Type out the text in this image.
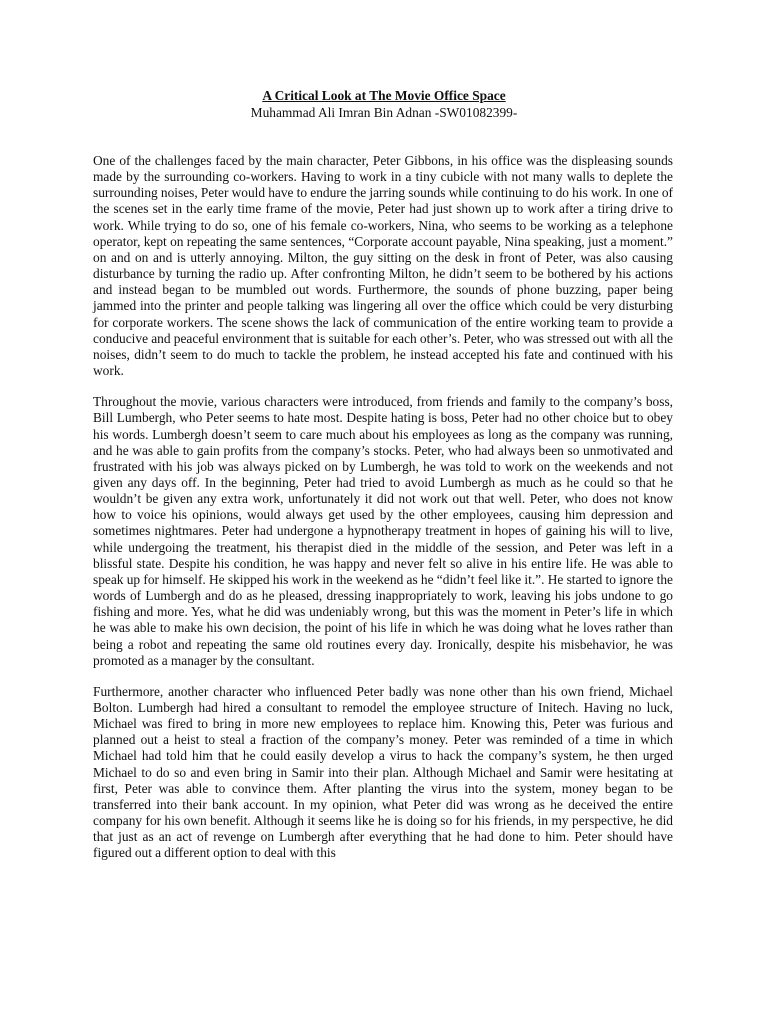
A Critical Look at The Movie Office Space

Muhammad Ali Imran Bin Adnan -SW01082399-

One of the challenges faced by the main character, Peter Gibbons, in his office was the displeasing sounds made by the surrounding co-workers. Having to work in a tiny cubicle with not many walls to deplete the surrounding noises, Peter would have to endure the jarring sounds while continuing to do his work. In one of the scenes set in the early time frame of the movie, Peter had just shown up to work after a tiring drive to work. While trying to do so, one of his female co-workers, Nina, who seems to be working as a telephone operator, kept on repeating the same sentences, “Corporate account payable, Nina speaking, just a moment.” on and on and is utterly annoying. Milton, the guy sitting on the desk in front of Peter, was also causing disturbance by turning the radio up. After confronting Milton, he didn’t seem to be bothered by his actions and instead began to be mumbled out words. Furthermore, the sounds of phone buzzing, paper being jammed into the printer and people talking was lingering all over the office which could be very disturbing for corporate workers. The scene shows the lack of communication of the entire working team to provide a conducive and peaceful environment that is suitable for each other’s. Peter, who was stressed out with all the noises, didn’t seem to do much to tackle the problem, he instead accepted his fate and continued with his work.

Throughout the movie, various characters were introduced, from friends and family to the company’s boss, Bill Lumbergh, who Peter seems to hate most. Despite hating is boss, Peter had no other choice but to obey his words. Lumbergh doesn’t seem to care much about his employees as long as the company was running, and he was able to gain profits from the company’s stocks. Peter, who had always been so unmotivated and frustrated with his job was always picked on by Lumbergh, he was told to work on the weekends and not given any days off. In the beginning, Peter had tried to avoid Lumbergh as much as he could so that he wouldn’t be given any extra work, unfortunately it did not work out that well. Peter, who does not know how to voice his opinions, would always get used by the other employees, causing him depression and sometimes nightmares. Peter had undergone a hypnotherapy treatment in hopes of gaining his will to live, while undergoing the treatment, his therapist died in the middle of the session, and Peter was left in a blissful state. Despite his condition, he was happy and never felt so alive in his entire life. He was able to speak up for himself. He skipped his work in the weekend as he “didn’t feel like it.”. He started to ignore the words of Lumbergh and do as he pleased, dressing inappropriately to work, leaving his jobs undone to go fishing and more. Yes, what he did was undeniably wrong, but this was the moment in Peter’s life in which he was able to make his own decision, the point of his life in which he was doing what he loves rather than being a robot and repeating the same old routines every day. Ironically, despite his misbehavior, he was promoted as a manager by the consultant.

Furthermore, another character who influenced Peter badly was none other than his own friend, Michael Bolton. Lumbergh had hired a consultant to remodel the employee structure of Initech. Having no luck, Michael was fired to bring in more new employees to replace him. Knowing this, Peter was furious and planned out a heist to steal a fraction of the company’s money. Peter was reminded of a time in which Michael had told him that he could easily develop a virus to hack the company’s system, he then urged Michael to do so and even bring in Samir into their plan. Although Michael and Samir were hesitating at first, Peter was able to convince them. After planting the virus into the system, money began to be transferred into their bank account. In my opinion, what Peter did was wrong as he deceived the entire company for his own benefit. Although it seems like he is doing so for his friends, in my perspective, he did that just as an act of revenge on Lumbergh after everything that he had done to him. Peter should have figured out a different option to deal with this
